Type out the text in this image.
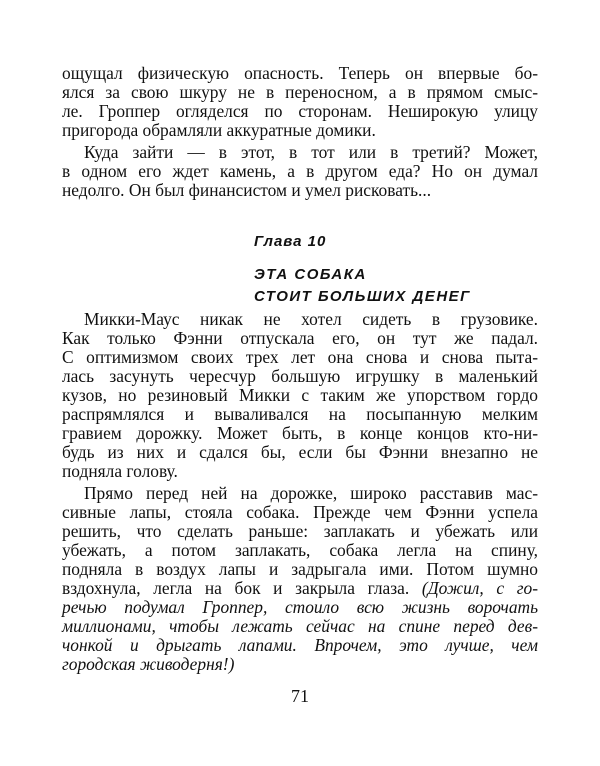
ощущал физическую опасность. Теперь он впервые бо-
ялся за свою шкуру не в переносном, а в прямом смыс-
ле. Гроппер огляделся по сторонам. Неширокую улицу
пригорода обрамляли аккуратные домики.
Куда зайти — в этот, в тот или в третий? Может,
в одном его ждет камень, а в другом еда? Но он думал
недолго. Он был финансистом и умел рисковать...
Глава 10
ЭТА СОБАКА
СТОИТ БОЛЬШИХ ДЕНЕГ
Микки-Маус никак не хотел сидеть в грузовике.
Как только Фэнни отпускала его, он тут же падал.
С оптимизмом своих трех лет она снова и снова пыта-
лась засунуть чересчур большую игрушку в маленький
кузов, но резиновый Микки с таким же упорством гордо
распрямлялся и вываливался на посыпанную мелким
гравием дорожку. Может быть, в конце концов кто-ни-
будь из них и сдался бы, если бы Фэнни внезапно не
подняла голову.
Прямо перед ней на дорожке, широко расставив мас-
сивные лапы, стояла собака. Прежде чем Фэнни успела
решить, что сделать раньше: заплакать и убежать или
убежать, а потом заплакать, собака легла на спину,
подняла в воздух лапы и задрыгала ими. Потом шумно
вздохнула, легла на бок и закрыла глаза. (Дожил, с го-
речью подумал Гроппер, стоило всю жизнь ворочать
миллионами, чтобы лежать сейчас на спине перед дев-
чонкой и дрыгать лапами. Впрочем, это лучше, чем
городская живодерня!)
71
